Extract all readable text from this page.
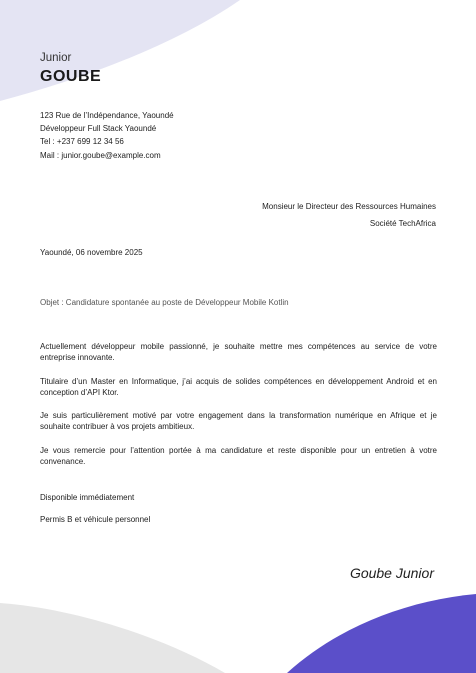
Junior
GOUBE
123 Rue de l’Indépendance, Yaoundé
Développeur Full Stack Yaoundé
Tel : +237 699 12 34 56
Mail : junior.goube@example.com
Monsieur le Directeur des Ressources Humaines
Société TechAfrica
Yaoundé, 06 novembre 2025
Objet : Candidature spontanée au poste de Développeur Mobile Kotlin

Actuellement développeur mobile passionné, je souhaite mettre mes compétences au service de votre entreprise innovante.

Titulaire d’un Master en Informatique, j’ai acquis de solides compétences en développement Android et en conception d’API Ktor.

Je suis particulièrement motivé par votre engagement dans la transformation numérique en Afrique et je souhaite contribuer à vos projets ambitieux.

Je vous remercie pour l’attention portée à ma candidature et reste disponible pour un entretien à votre convenance.

Disponible immédiatement
Permis B et véhicule personnel
Goube Junior
